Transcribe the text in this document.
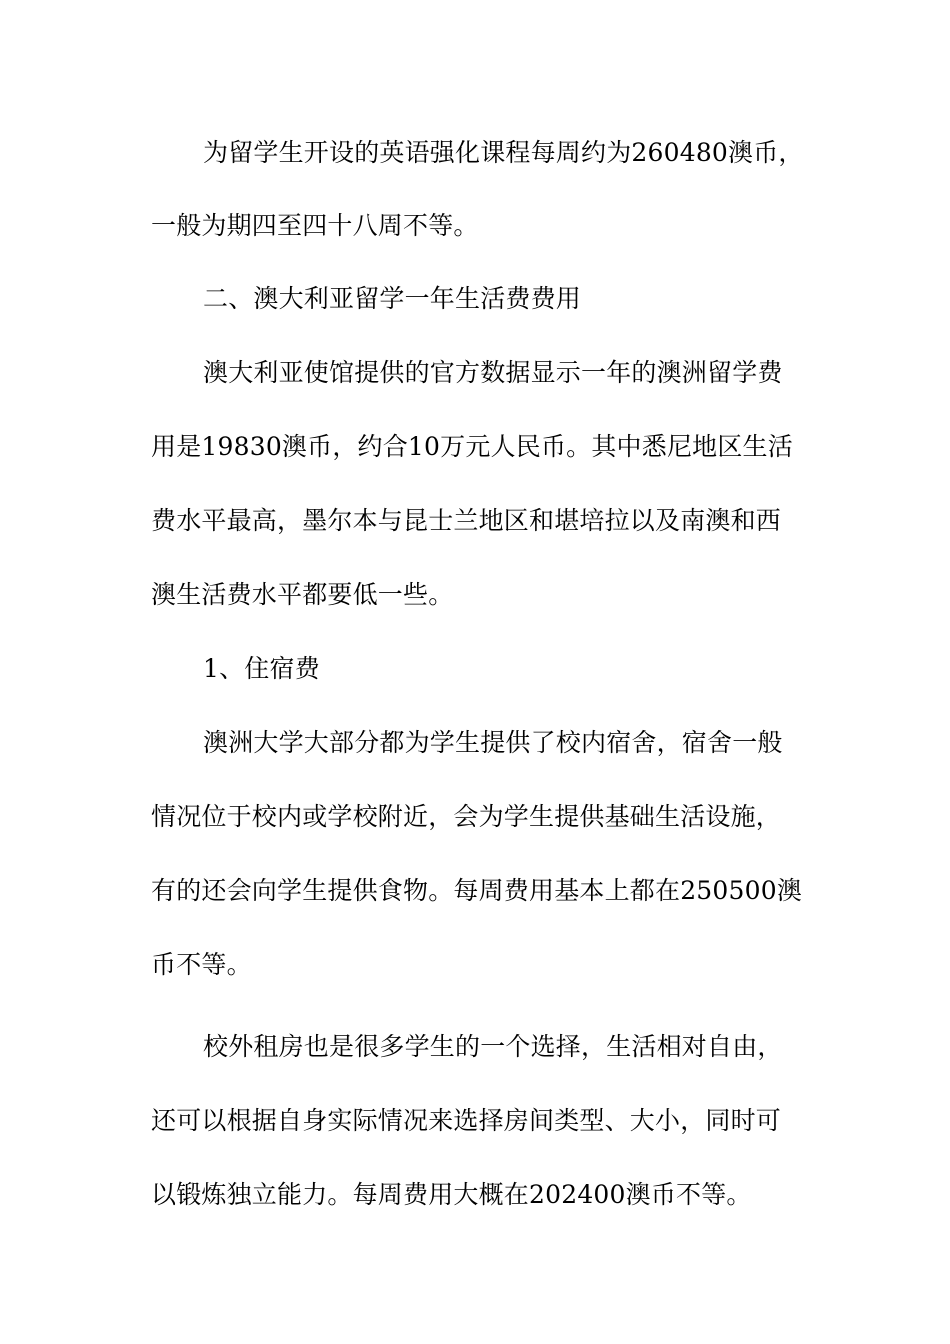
为留学生开设的英语强化课程每周约为260480澳币，
一般为期四至四十八周不等。
二、澳大利亚留学一年生活费费用
澳大利亚使馆提供的官方数据显示一年的澳洲留学费
用是19830澳币，约合10万元人民币。其中悉尼地区生活
费水平最高，墨尔本与昆士兰地区和堪培拉以及南澳和西
澳生活费水平都要低一些。
1、住宿费
澳洲大学大部分都为学生提供了校内宿舍，宿舍一般
情况位于校内或学校附近，会为学生提供基础生活设施，
有的还会向学生提供食物。每周费用基本上都在250500澳
币不等。
校外租房也是很多学生的一个选择，生活相对自由，
还可以根据自身实际情况来选择房间类型、大小，同时可
以锻炼独立能力。每周费用大概在202400澳币不等。
